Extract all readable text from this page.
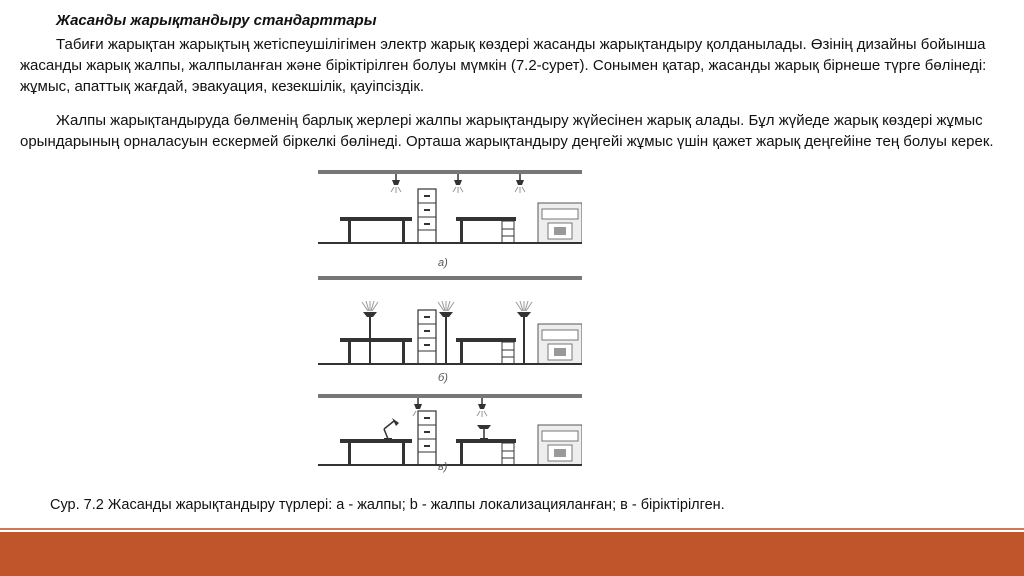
Жасанды жарықтандыру стандарттары
Табиғи жарықтан жарықтың жетіспеушілігімен электр жарық көздері жасанды жарықтандыру қолданылады. Өзінің дизайны бойынша жасанды жарық жалпы, жалпыланған және біріктірілген болуы мүмкін (7.2-сурет). Сонымен қатар, жасанды жарық бірнеше түрге бөлінеді: жұмыс, апаттық жағдай, эвакуация, кезекшілік, қауіпсіздік.
Жалпы жарықтандыруда бөлменің барлық жерлері жалпы жарықтандыру жүйесінен жарық алады. Бұл жүйеде жарық көздері жұмыс орындарының орналасуын ескермей біркелкі бөлінеді. Орташа жарықтандыру деңгейі жұмыс үшін қажет жарық деңгейіне тең болуы керек.
а)
б)
в)
Сур. 7.2 Жасанды жарықтандыру түрлері: a - жалпы; b - жалпы локализацияланған; в - біріктірілген.
